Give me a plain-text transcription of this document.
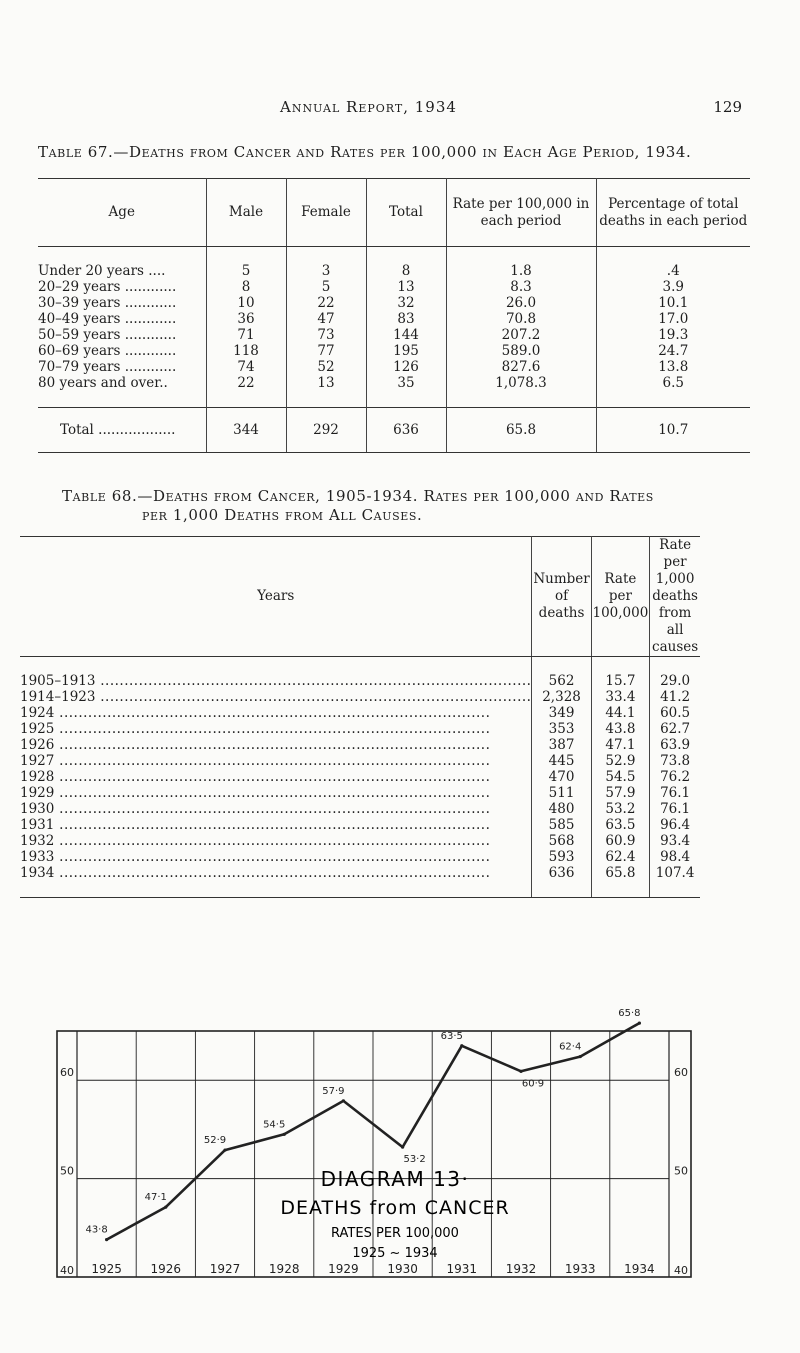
Annual Report, 1934	129
Table 67.—Deaths from Cancer and Rates per 100,000 in Each Age Period, 1934.
Age	Male	Female	Total	Rate per 100,000 in each period	Percentage of total deaths in each period

Under 20 years ....	5	3	8	1.8	.4
20–29 years ............	8	5	13	8.3	3.9
30–39 years ............	10	22	32	26.0	10.1
40–49 years ............	36	47	83	70.8	17.0
50–59 years ............	71	73	144	207.2	19.3
60–69 years ............	118	77	195	589.0	24.7
70–79 years ............	74	52	126	827.6	13.8
80 years and over..	22	13	35	1,078.3	6.5

Total ..................	344	292	636	65.8	10.7
Table 68.—Deaths from Cancer, 1905-1934. Rates per 100,000 and Rates
per 1,000 Deaths from All Causes.
Years	Number of deaths	Rate per 100,000	Rate per 1,000 deaths from all causes

1905–1913 ..........................................................................................	562	15.7	29.0
1914–1923 ..........................................................................................	2,328	33.4	41.2
1924 ..........................................................................................	349	44.1	60.5
1925 ..........................................................................................	353	43.8	62.7
1926 ..........................................................................................	387	47.1	63.9
1927 ..........................................................................................	445	52.9	73.8
1928 ..........................................................................................	470	54.5	76.2
1929 ..........................................................................................	511	57.9	76.1
1930 ..........................................................................................	480	53.2	76.1
1931 ..........................................................................................	585	63.5	96.4
1932 ..........................................................................................	568	60.9	93.4
1933 ..........................................................................................	593	62.4	98.4
1934 ..........................................................................................	636	65.8	107.4

40	40
50	50
60	60
1925 1926 1927 1928 1929 1930 1931 1932 1933 1934
43·8
47·1
52·9
54·5
57·9
53·2
63·5
60·9
62·4
65·8
DIAGRAM 13·
DEATHS from CANCER
RATES PER 100,000
1925 ~ 1934
